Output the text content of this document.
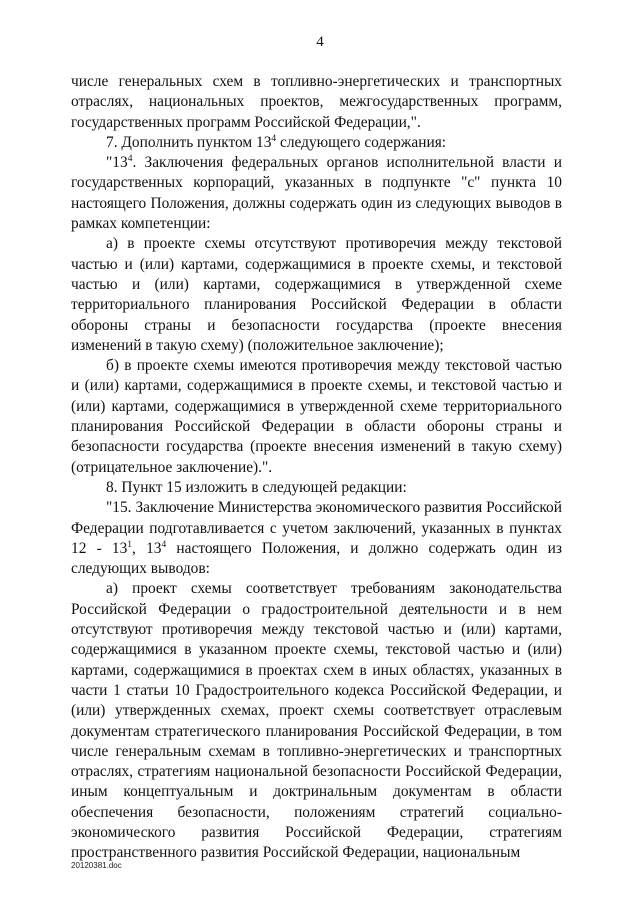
4

числе генеральных схем в топливно-энергетических и транспортных отраслях, национальных проектов, межгосударственных программ, государственных программ Российской Федерации,".

7. Дополнить пунктом $13^4$ следующего содержания:

"$13^4$. Заключения федеральных органов исполнительной власти и государственных корпораций, указанных в подпункте "с" пункта 10 настоящего Положения, должны содержать один из следующих выводов в рамках компетенции:

а) в проекте схемы отсутствуют противоречия между текстовой частью и (или) картами, содержащимися в проекте схемы, и текстовой частью и (или) картами, содержащимися в утвержденной схеме территориального планирования Российской Федерации в области обороны страны и безопасности государства (проекте внесения изменений в такую схему) (положительное заключение);

б) в проекте схемы имеются противоречия между текстовой частью и (или) картами, содержащимися в проекте схемы, и текстовой частью и (или) картами, содержащимися в утвержденной схеме территориального планирования Российской Федерации в области обороны страны и безопасности государства (проекте внесения изменений в такую схему) (отрицательное заключение).".

8. Пункт 15 изложить в следующей редакции:

"15. Заключение Министерства экономического развития Российской Федерации подготавливается с учетом заключений, указанных в пунктах $12 - 13^1$, $13^4$ настоящего Положения, и должно содержать один из следующих выводов:

а) проект схемы соответствует требованиям законодательства Российской Федерации о градостроительной деятельности и в нем отсутствуют противоречия между текстовой частью и (или) картами, содержащимися в указанном проекте схемы, текстовой частью и (или) картами, содержащимися в проектах схем в иных областях, указанных в части 1 статьи 10 Градостроительного кодекса Российской Федерации, и (или) утвержденных схемах, проект схемы соответствует отраслевым документам стратегического планирования Российской Федерации, в том числе генеральным схемам в топливно-энергетических и транспортных отраслях, стратегиям национальной безопасности Российской Федерации, иным концептуальным и доктринальным документам в области обеспечения безопасности, положениям стратегий социально-экономического развития Российской Федерации, стратегиям пространственного развития Российской Федерации, национальным

20120381.doc
